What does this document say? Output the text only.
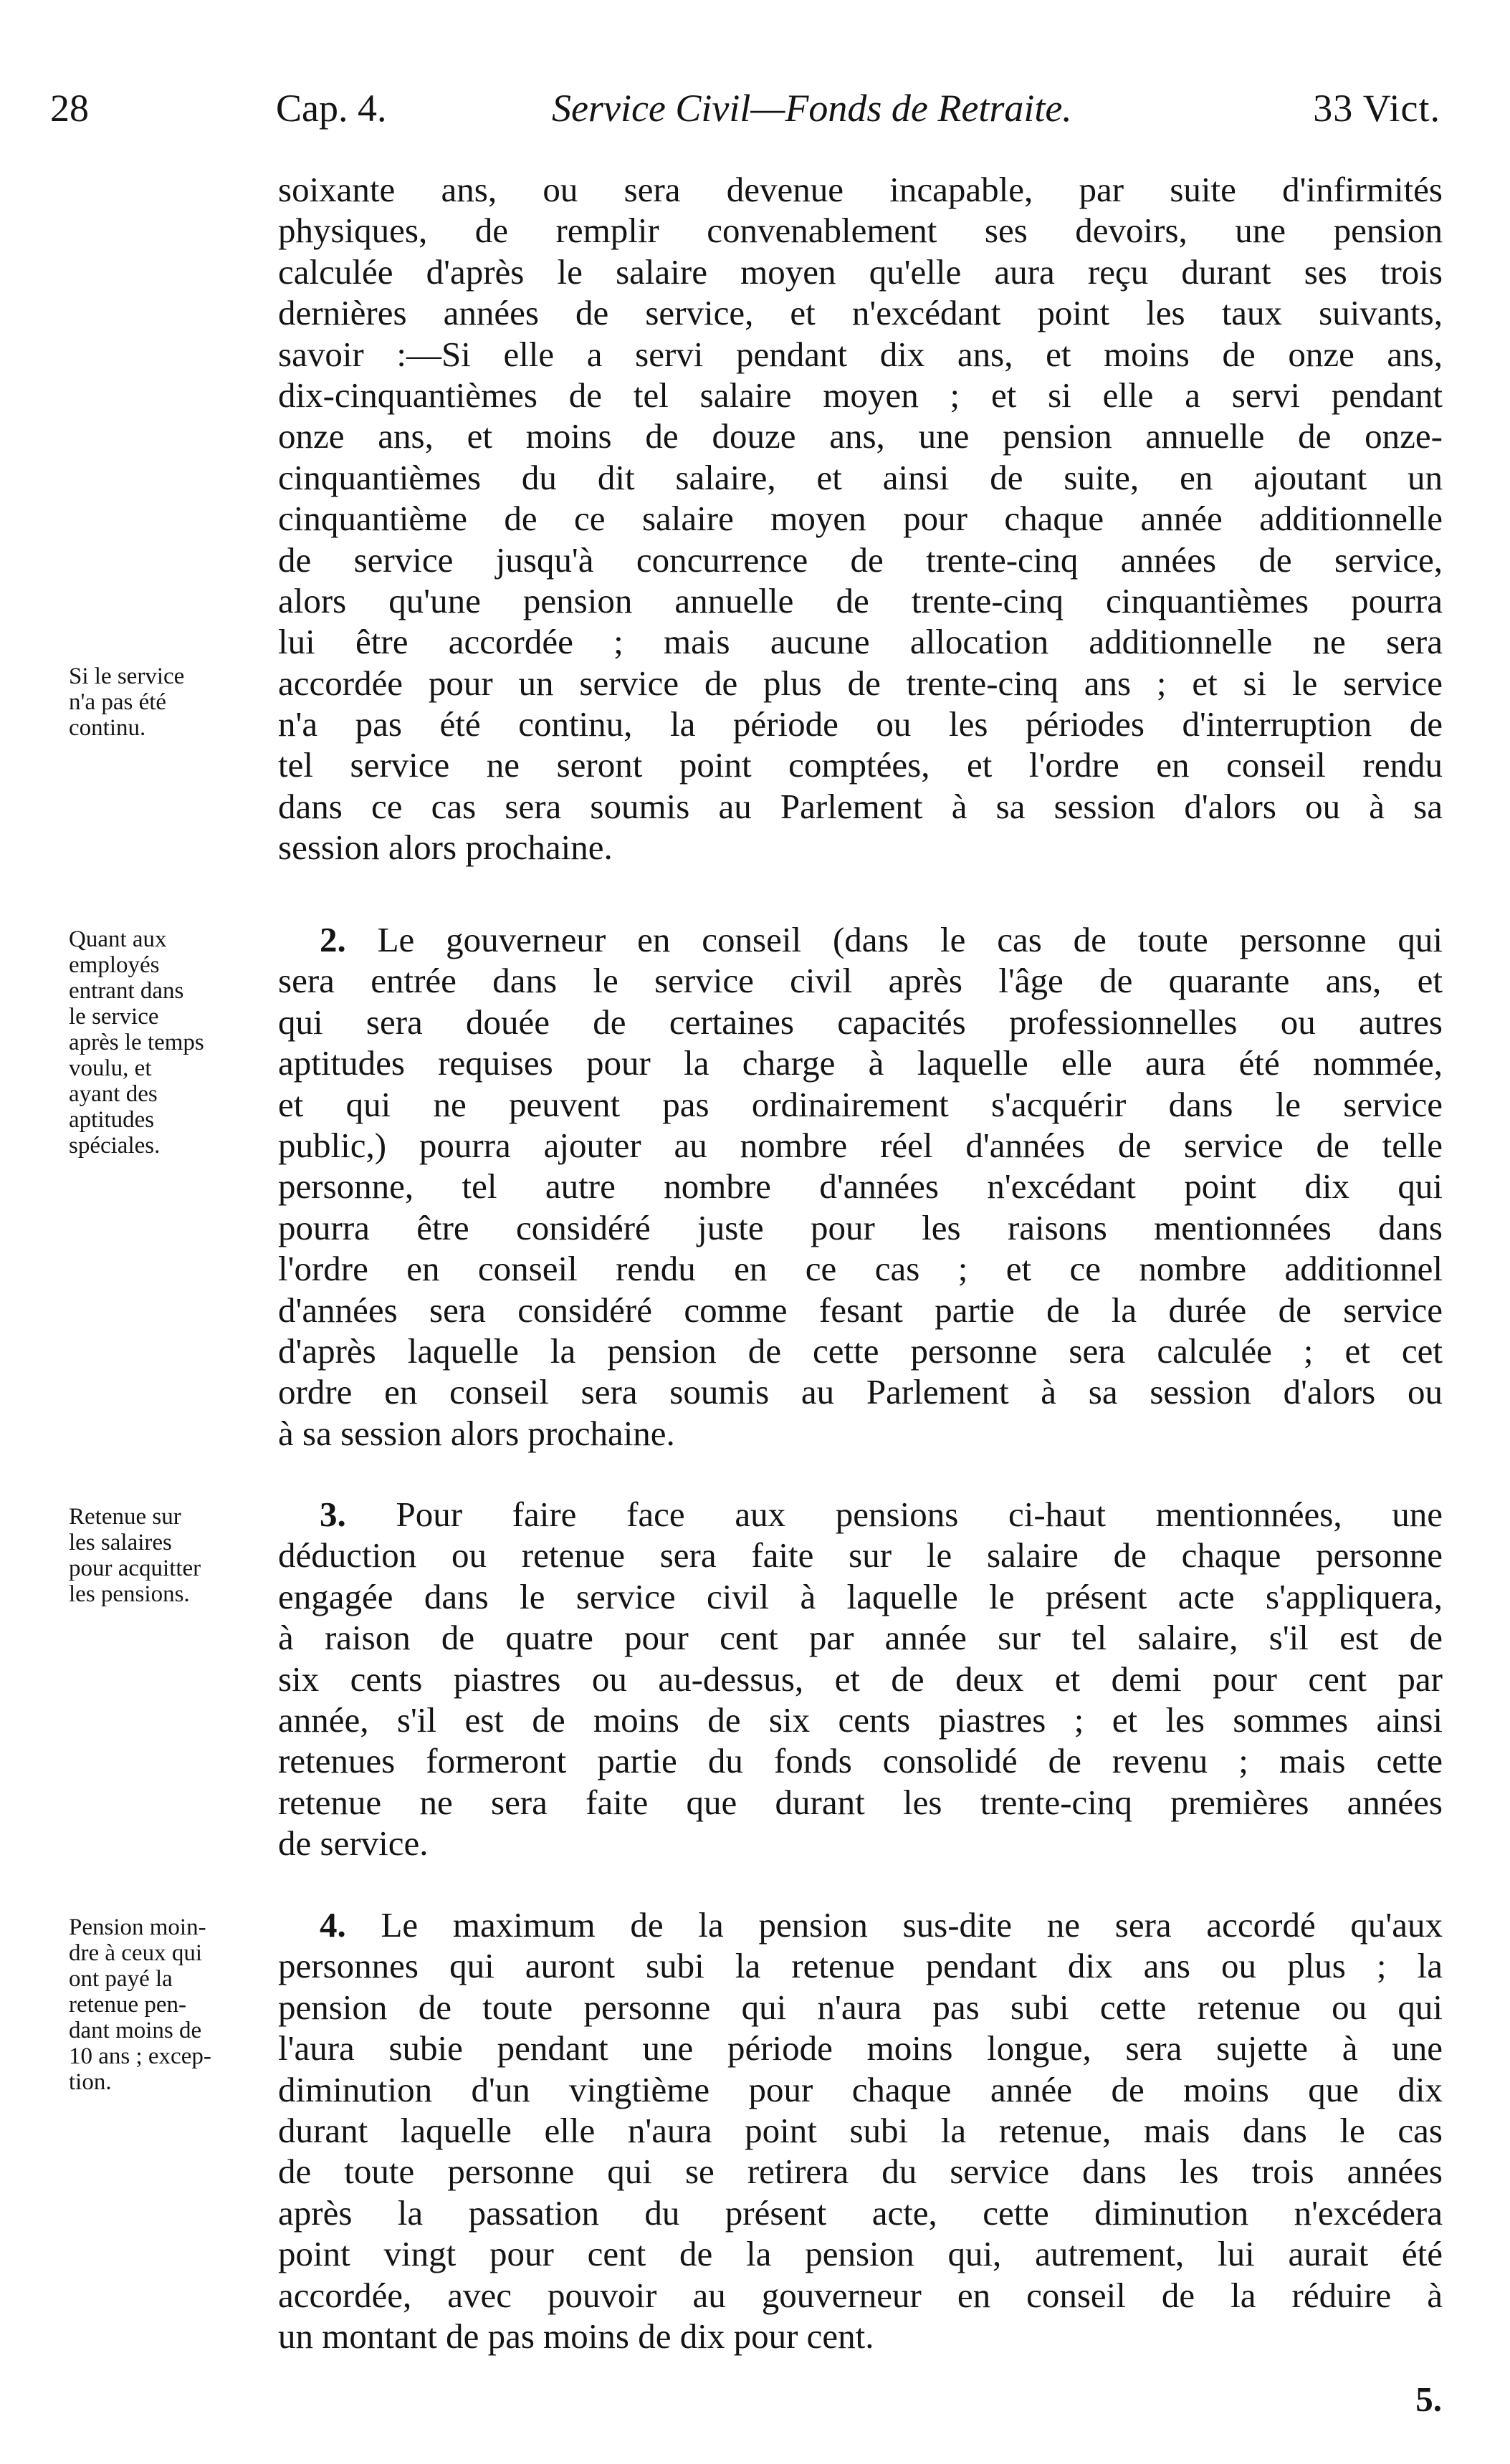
28	Cap. 4.	Service Civil—Fonds de Retraite.	33 Vict.
Si le service
n'a pas été
continu.
soixante ans, ou sera devenue incapable, par suite d'infirmités
physiques, de remplir convenablement ses devoirs, une pension
calculée d'après le salaire moyen qu'elle aura reçu durant ses trois
dernières années de service, et n'excédant point les taux suivants,
savoir :—Si elle a servi pendant dix ans, et moins de onze ans,
dix-cinquantièmes de tel salaire moyen ; et si elle a servi pendant
onze ans, et moins de douze ans, une pension annuelle de onze-
cinquantièmes du dit salaire, et ainsi de suite, en ajoutant un
cinquantième de ce salaire moyen pour chaque année additionnelle
de service jusqu'à concurrence de trente-cinq années de service,
alors qu'une pension annuelle de trente-cinq cinquantièmes pourra
lui être accordée ; mais aucune allocation additionnelle ne sera
accordée pour un service de plus de trente-cinq ans ; et si le service
n'a pas été continu, la période ou les périodes d'interruption de
tel service ne seront point comptées, et l'ordre en conseil rendu
dans ce cas sera soumis au Parlement à sa session d'alors ou à sa
session alors prochaine.
Quant aux
employés
entrant dans
le service
après le temps
voulu, et
ayant des
aptitudes
spéciales.
2. Le gouverneur en conseil (dans le cas de toute personne qui
sera entrée dans le service civil après l'âge de quarante ans, et
qui sera douée de certaines capacités professionnelles ou autres
aptitudes requises pour la charge à laquelle elle aura été nommée,
et qui ne peuvent pas ordinairement s'acquérir dans le service
public,) pourra ajouter au nombre réel d'années de service de telle
personne, tel autre nombre d'années n'excédant point dix qui
pourra être considéré juste pour les raisons mentionnées dans
l'ordre en conseil rendu en ce cas ; et ce nombre additionnel
d'années sera considéré comme fesant partie de la durée de service
d'après laquelle la pension de cette personne sera calculée ; et cet
ordre en conseil sera soumis au Parlement à sa session d'alors ou
à sa session alors prochaine.
Retenue sur
les salaires
pour acquitter
les pensions.
3. Pour faire face aux pensions ci-haut mentionnées, une
déduction ou retenue sera faite sur le salaire de chaque personne
engagée dans le service civil à laquelle le présent acte s'appliquera,
à raison de quatre pour cent par année sur tel salaire, s'il est de
six cents piastres ou au-dessus, et de deux et demi pour cent par
année, s'il est de moins de six cents piastres ; et les sommes ainsi
retenues formeront partie du fonds consolidé de revenu ; mais cette
retenue ne sera faite que durant les trente-cinq premières années
de service.
Pension moin-
dre à ceux qui
ont payé la
retenue pen-
dant moins de
10 ans ; excep-
tion.
4. Le maximum de la pension sus-dite ne sera accordé qu'aux
personnes qui auront subi la retenue pendant dix ans ou plus ; la
pension de toute personne qui n'aura pas subi cette retenue ou qui
l'aura subie pendant une période moins longue, sera sujette à une
diminution d'un vingtième pour chaque année de moins que dix
durant laquelle elle n'aura point subi la retenue, mais dans le cas
de toute personne qui se retirera du service dans les trois années
après la passation du présent acte, cette diminution n'excédera
point vingt pour cent de la pension qui, autrement, lui aurait été
accordée, avec pouvoir au gouverneur en conseil de la réduire à
un montant de pas moins de dix pour cent.
5.
